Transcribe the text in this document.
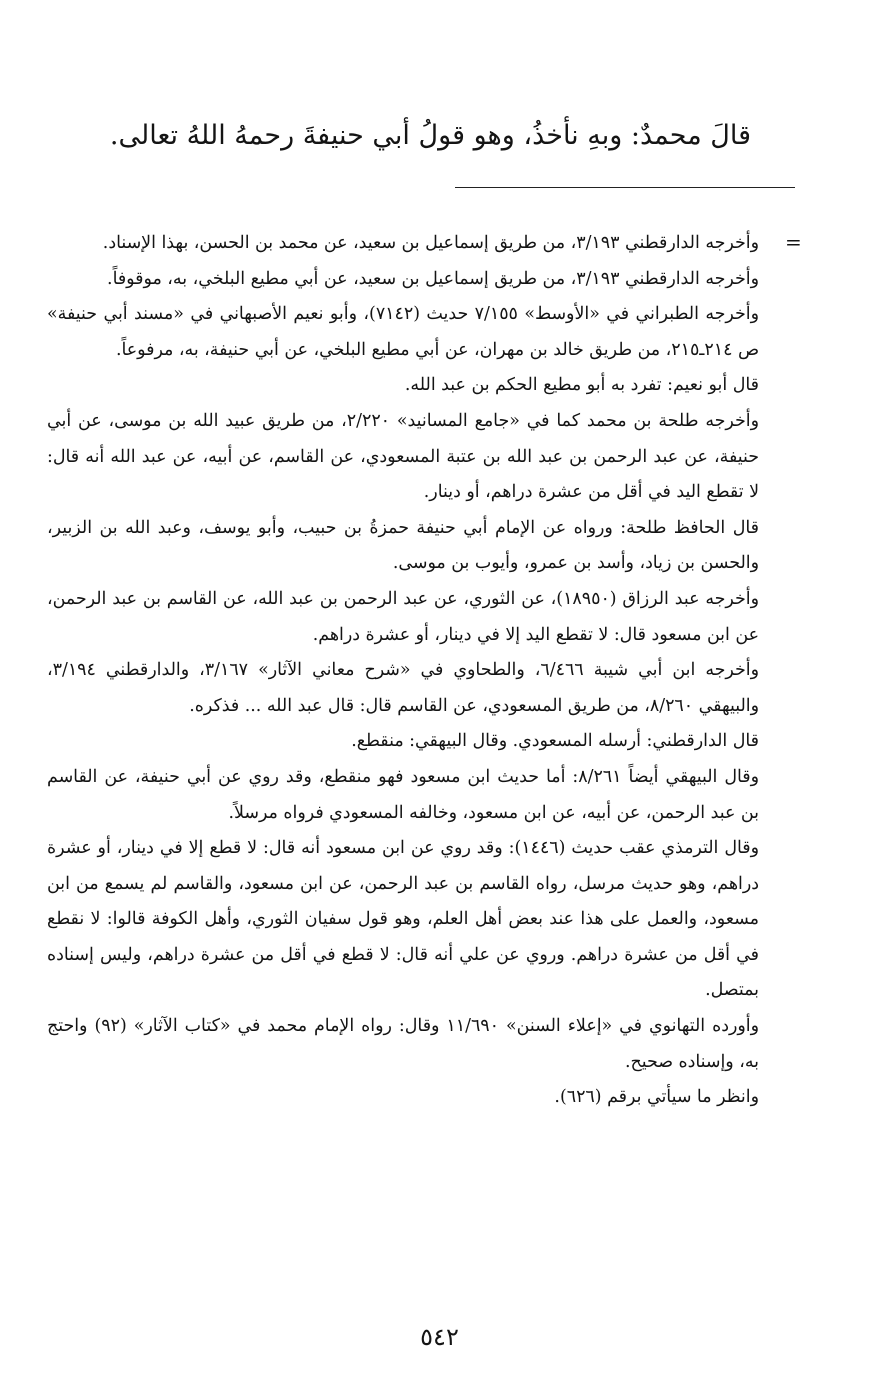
قالَ محمدٌ: وبهِ نأخذُ، وهو قولُ أبي حنيفةَ رحمهُ اللهُ تعالى.
=

وأخرجه الدارقطني ٣/١٩٣، من طريق إسماعيل بن سعيد، عن محمد بن الحسن، بهذا الإسناد.

وأخرجه الدارقطني ٣/١٩٣، من طريق إسماعيل بن سعيد، عن أبي مطيع البلخي، به، موقوفاً.

وأخرجه الطبراني في «الأوسط» ٧/١٥٥ حديث (٧١٤٢)، وأبو نعيم الأصبهاني في «مسند أبي حنيفة» ص ٢١٤ـ٢١٥، من طريق خالد بن مهران، عن أبي مطيع البلخي، عن أبي حنيفة، به، مرفوعاً.

قال أبو نعيم: تفرد به أبو مطيع الحكم بن عبد الله.

وأخرجه طلحة بن محمد كما في «جامع المسانيد» ٢/٢٢٠، من طريق عبيد الله بن موسى، عن أبي حنيفة، عن عبد الرحمن بن عبد الله بن عتبة المسعودي، عن القاسم، عن أبيه، عن عبد الله أنه قال: لا تقطع اليد في أقل من عشرة دراهم، أو دينار.

قال الحافظ طلحة: ورواه عن الإمام أبي حنيفة حمزةُ بن حبيب، وأبو يوسف، وعبد الله بن الزبير، والحسن بن زياد، وأسد بن عمرو، وأيوب بن موسى.

وأخرجه عبد الرزاق (١٨٩٥٠)، عن الثوري، عن عبد الرحمن بن عبد الله، عن القاسم بن عبد الرحمن، عن ابن مسعود قال: لا تقطع اليد إلا في دينار، أو عشرة دراهم.

وأخرجه ابن أبي شيبة ٦/٤٦٦، والطحاوي في «شرح معاني الآثار» ٣/١٦٧، والدارقطني ٣/١٩٤، والبيهقي ٨/٢٦٠، من طريق المسعودي، عن القاسم قال: قال عبد الله ... فذكره.

قال الدارقطني: أرسله المسعودي. وقال البيهقي: منقطع.

وقال البيهقي أيضاً ٨/٢٦١: أما حديث ابن مسعود فهو منقطع، وقد روي عن أبي حنيفة، عن القاسم بن عبد الرحمن، عن أبيه، عن ابن مسعود، وخالفه المسعودي فرواه مرسلاً.

وقال الترمذي عقب حديث (١٤٤٦): وقد روي عن ابن مسعود أنه قال: لا قطع إلا في دينار، أو عشرة دراهم، وهو حديث مرسل، رواه القاسم بن عبد الرحمن، عن ابن مسعود، والقاسم لم يسمع من ابن مسعود، والعمل على هذا عند بعض أهل العلم، وهو قول سفيان الثوري، وأهل الكوفة قالوا: لا نقطع في أقل من عشرة دراهم. وروي عن علي أنه قال: لا قطع في أقل من عشرة دراهم، وليس إسناده بمتصل.

وأورده التهانوي في «إعلاء السنن» ١١/٦٩٠ وقال: رواه الإمام محمد في «كتاب الآثار» (٩٢) واحتج به، وإسناده صحيح.

وانظر ما سيأتي برقم (٦٢٦).

٥٤٢
